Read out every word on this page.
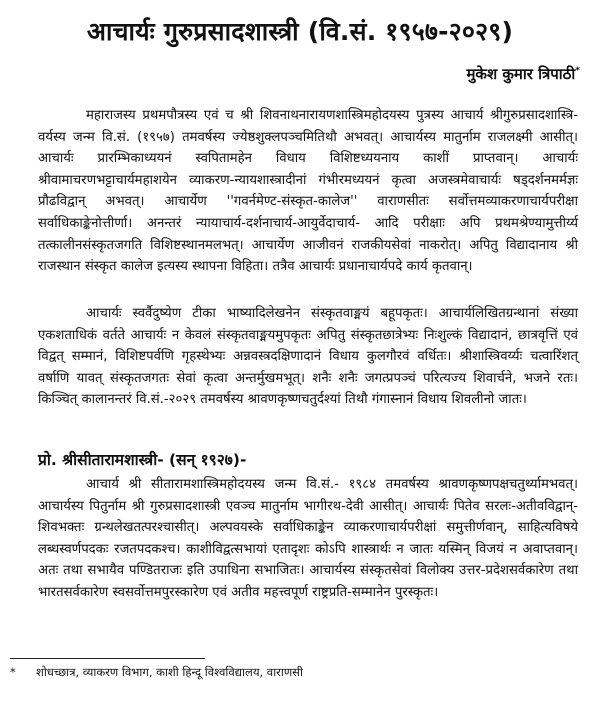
आचार्यः गुरुप्रसादशास्त्री (वि.सं. १९५७-२०२९)
मुकेश कुमार त्रिपाठी*

महाराजस्य प्रथमपौत्रस्य एवं च श्री शिवनाथनारायणशास्त्रिमहोदयस्य पुत्रस्य आचार्य श्रीगुरुप्रसादशास्त्रि-वर्यस्य जन्म वि.सं. (१९५७) तमवर्षस्य ज्येष्ठशुक्लपञ्चमितिथौ अभवत्। आचार्यस्य मातुर्नाम राजलक्ष्मी आसीत्। आचार्यः प्रारम्भिकाध्ययनं स्वपितामहेन विधाय विशिष्टध्ययनाय काशीं प्राप्तवान्। आचार्यः श्रीवामाचरणभट्टाचार्यमहाशयेन व्याकरण-न्यायशास्त्रादीनां गंभीरमध्ययनं कृत्वा अजस्त्रमेवाचार्यः षड्दर्शनमर्मज्ञः प्रौढविद्वान् अभवत्। आचार्येण ''गवर्नमेण्ट-संस्कृत-कालेज'' वाराणसीतः सर्वोत्तमव्याकरणाचार्यपरीक्षा सर्वाधिकाङ्केनोत्तीर्णा। अनन्तरं न्यायाचार्य-दर्शनाचार्य-आयुर्वेदाचार्य- आदि परीक्षाः अपि प्रथमश्रेण्यामुत्तीर्य्य तत्कालीनसंस्कृतजगति विशिष्टस्थानमलभत्। आचार्येण आजीवनं राजकीयसेवां नाकरोत्। अपितु विद्यादानाय श्री राजस्थान संस्कृत कालेज इत्यस्य स्थापना विहिता। तत्रैव आचार्यः प्रधानाचार्यपदे कार्य कृतवान्।

आचार्यः स्वर्वैदुष्येण टीका भाष्यादिलेखनेन संस्कृतवाङ्मयं बहूपकृतः। आचार्यलिखितग्रन्थानां संख्या एकशताधिकं वर्तते आचार्यः न केवलं संस्कृतवाङ्मयमुपकृतः अपितु संस्कृतछात्रेभ्यः निःशुल्कं विद्यादानं, छात्रवृत्तिं एवं विद्वत् सम्मानं, विशिष्टपर्वणि गृहस्थेभ्यः अन्नवस्त्रदक्षिणादानं विधाय कुलगौरवं वर्धितः। श्रीशास्त्रिवर्य्यः चत्वारिंशत् वर्षाणि यावत् संस्कृतजगतः सेवां कृत्वा अन्तर्मुखमभूत्। शनैः शनैः जगत्प्रपञ्चं परित्यज्य शिवार्चने, भजने रतः। किञ्चित् कालानन्तरं वि.सं.-२०२९ तमवर्षस्य श्रावणकृष्णचतुर्दश्यां तिथौ गंगास्नानं विधाय शिवलीनो जातः।

प्रो. श्रीसीतारामशास्त्री- (सन् १९२७)-

आचार्य श्री सीतारामशास्त्रिमहोदयस्य जन्म वि.सं.- १९८४ तमवर्षस्य श्रावणकृष्णपक्षचतुर्थ्यामभवत्। आचार्यस्य पितुर्नाम श्री गुरुप्रसादशास्त्री एवञ्च मातुर्नाम भागीरथ-देवी आसीत्। आचार्यः पितेव सरलः-अतीवविद्वान्-शिवभक्तः ग्रन्थलेखतत्परश्चासीत्। अल्पवयस्के सर्वाधिकाङ्केन व्याकरणाचार्यपरीक्षां समुत्तीर्णवान्, साहित्यविषये लब्धस्वर्णपदकः रजतपदकश्च। काशीविद्वत्सभायां एतादृशः कोऽपि शास्त्रार्थः न जातः यस्मिन् विजयं न अवाप्तवान्। अतः तथा सभायैव पण्डितराजः इति उपाधिना सभाजितः। आचार्यस्य संस्कृतसेवां विलोक्य उत्तर-प्रदेशसर्वकारेण तथा भारतसर्वकारेण स्वसर्वोत्तमपुरस्कारेण एवं अतीव महत्त्वपूर्ण राष्ट्रप्रति-सम्मानेन पुरस्कृतः।

* शोधच्छात्र, व्याकरण विभाग, काशी हिन्दू विश्वविद्यालय, वाराणसी
